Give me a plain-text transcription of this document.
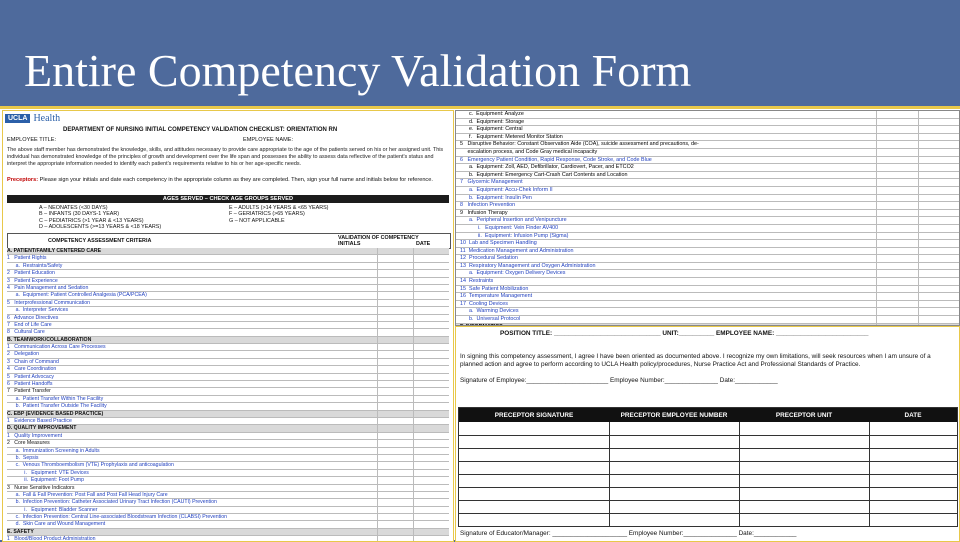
Entire Competency Validation Form
UCLA Health
DEPARTMENT OF NURSING INITIAL COMPETENCY VALIDATION CHECKLIST: ORIENTATION RN
EMPLOYEE TITLE:	EMPLOYEE NAME:
The above staff member has demonstrated the knowledge, skills, and attitudes necessary to provide care appropriate to the age of the patients served on his or her assigned unit. This individual has demonstrated knowledge of the principles of growth and development over the life span and possesses the ability to assess data reflective of the patient's status and interpret the appropriate information needed to identify each patient's requirements relative to his or her age-specific needs.
Preceptors: Please sign your initials and date each competency in the appropriate column as they are completed. Then, sign your full name and initials below for reference.
AGES SERVED – CHECK AGE GROUPS SERVED
A – NEONATES (<30 DAYS)	E – ADULTS (>14 YEARS & <65 YEARS)
B – INFANTS (30 DAYS-1 YEAR)	F – GERIATRICS (>65 YEARS)
C – PEDIATRICS (>1 YEAR & <13 YEARS)	G – NOT APPLICABLE
D – ADOLESCENTS (>=13 YEARS & <18 YEARS)
COMPETENCY ASSESSMENT CRITERIA	VALIDATION OF COMPETENCY
INITIALS	DATE
A. PATIENT/FAMILY CENTERED CARE
1   Patient Rights
a.  Restraints/Safety
2   Patient Education
3   Patient Experience
4   Pain Management and Sedation
a.  Equipment: Patient Controlled Analgesia (PCA/PCEA)
5   Interprofessional Communication
a.  Interpreter Services
6   Advance Directives
7   End of Life Care
8   Cultural Care
B. TEAMWORK/COLLABORATION
1   Communication Across Care Processes
2   Delegation
3   Chain of Command
4   Care Coordination
5   Patient Advocacy
6   Patient Handoffs
7   Patient Transfer
a.  Patient Transfer Within The Facility
b.  Patient Transfer Outside The Facility
C. EBP (EVIDENCE BASED PRACTICE)
1   Evidence Based Practice
D. QUALITY IMPROVEMENT
1   Quality Improvement
2   Core Measures
a.  Immunization Screening in Adults
b.  Sepsis
c.  Venous Thromboembolism (VTE) Prophylaxis and anticoagulation
i.   Equipment: VTE Devices
ii.  Equipment: Foot Pump
3   Nurse Sensitive Indicators
a.  Fall & Fall Prevention: Post Fall and Post Fall Head Injury Care
b.  Infection Prevention: Catheter Associated Urinary Tract Infection (CAUTI) Prevention
i.   Equipment: Bladder Scanner
c.  Infection Prevention: Central Line-associated Bloodstream Infection (CLABSI) Prevention
d.  Skin Care and Wound Management
E. SAFETY
1   Blood/Blood Product Administration
c.  Equipment: Analyze
d.  Equipment: Storage
e.  Equipment: Central
f.   Equipment: Metered Monitor Station
5   Disruptive Behavior: Constant Observation Aide (COA), suicide assessment and precautions, de-
escalation process, and Code Gray medical incapacity
6   Emergency Patient Condition, Rapid Response, Code Stroke, and Code Blue
a.  Equipment: Zoll, AED, Defibrillator, Cardiovert, Pacer, and ETCO2
b.  Equipment: Emergency Cart-Crash Cart Contents and Location
7   Glycemic Management
a.  Equipment: Accu-Chek Inform II
b.  Equipment: Insulin Pen
8   Infection Prevention
9   Infusion Therapy
a.  Peripheral Insertion and Venipuncture
i.   Equipment: Vein Finder AV400
ii.  Equipment: Infusion Pump (Sigma)
10  Lab and Specimen Handling
11  Medication Management and Administration
12  Procedural Sedation
13  Respiratory Management and Oxygen Administration
a.  Equipment: Oxygen Delivery Devices
14  Restraints
15  Safe Patient Mobilization
16  Temperature Management
17  Cooling Devices
a.  Warming Devices
b.  Universal Protocol
POSITION TITLE: ______________________________ UNIT:__________ EMPLOYEE NAME: __________________________
In signing this competency assessment, I agree I have been oriented as documented above. I recognize my own limitations, will seek resources when I am unsure of a planned action and agree to perform according to UCLA Health policy/procedures, Nurse Practice Act and Professional Standards of Practice.
Signature of Employee:_______________________ Employee Number:_______________ Date:____________
PRECEPTOR SIGNATURE	PRECEPTOR EMPLOYEE NUMBER	PRECEPTOR UNIT	DATE
Signature of Educator/Manager: _____________________ Employee Number:_______________ Date:____________
